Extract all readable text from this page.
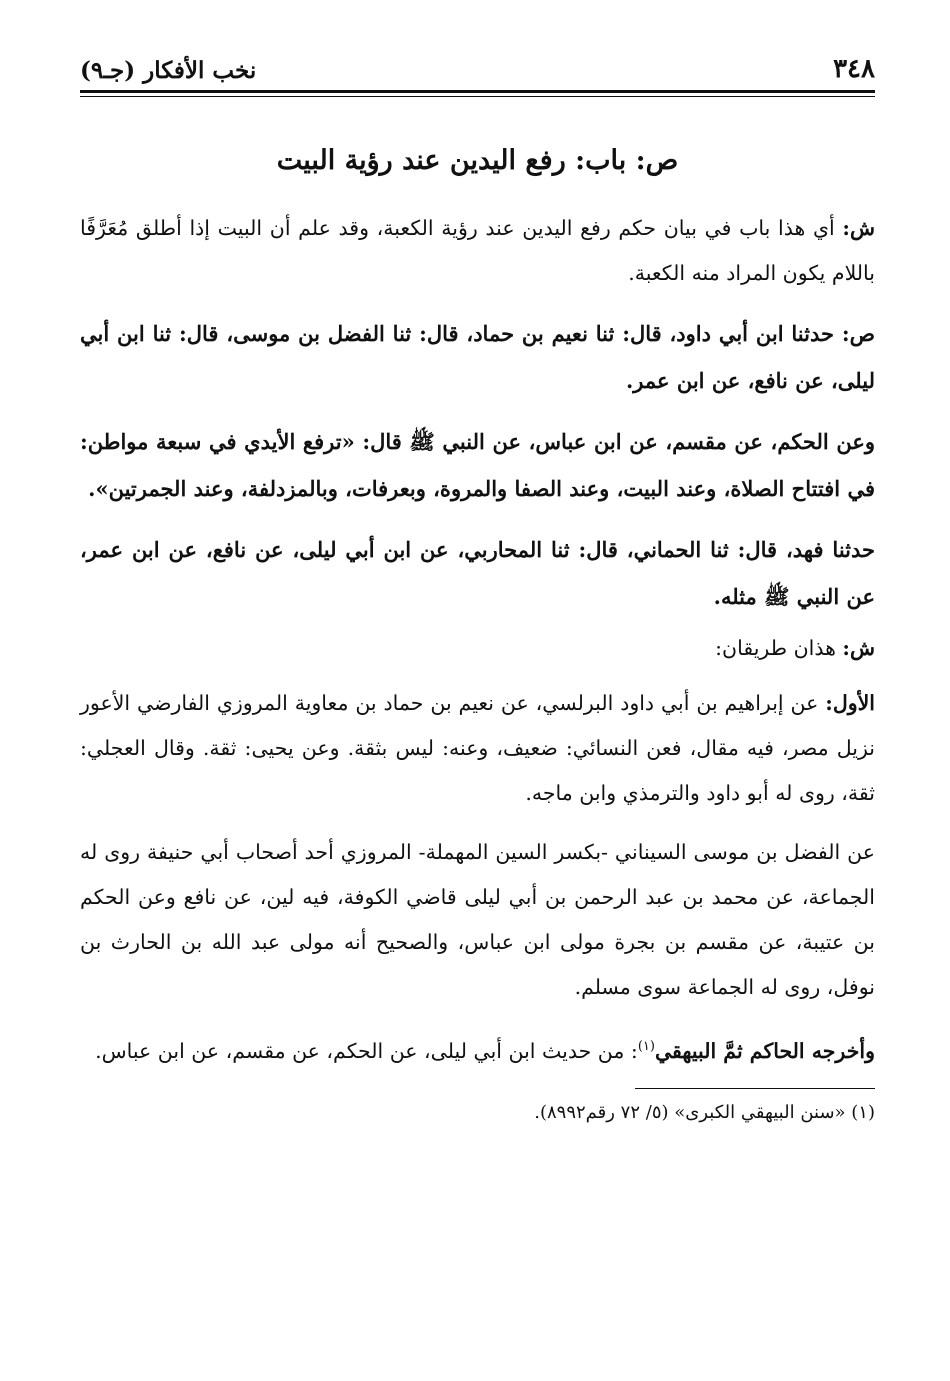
٣٤٨
نخب الأفكار (جـ٩)
ص: باب: رفع اليدين عند رؤية البيت

ش: أي هذا باب في بيان حكم رفع اليدين عند رؤية الكعبة، وقد علم أن البيت إذا أطلق مُعَرَّفًا باللام يكون المراد منه الكعبة.

ص: حدثنا ابن أبي داود، قال: ثنا نعيم بن حماد، قال: ثنا الفضل بن موسى، قال: ثنا ابن أبي ليلى، عن نافع، عن ابن عمر.

وعن الحكم، عن مقسم، عن ابن عباس، عن النبي ﷺ قال: «ترفع الأيدي في سبعة مواطن: في افتتاح الصلاة، وعند البيت، وعند الصفا والمروة، وبعرفات، وبالمزدلفة، وعند الجمرتين».

حدثنا فهد، قال: ثنا الحماني، قال: ثنا المحاربي، عن ابن أبي ليلى، عن نافع، عن ابن عمر، عن النبي ﷺ مثله.

ش: هذان طريقان:

الأول: عن إبراهيم بن أبي داود البرلسي، عن نعيم بن حماد بن معاوية المروزي الفارضي الأعور نزيل مصر، فيه مقال، فعن النسائي: ضعيف، وعنه: ليس بثقة. وعن يحيى: ثقة. وقال العجلي: ثقة، روى له أبو داود والترمذي وابن ماجه.

عن الفضل بن موسى السيناني -بكسر السين المهملة- المروزي أحد أصحاب أبي حنيفة روى له الجماعة، عن محمد بن عبد الرحمن بن أبي ليلى قاضي الكوفة، فيه لين، عن نافع وعن الحكم بن عتيبة، عن مقسم بن بجرة مولى ابن عباس، والصحيح أنه مولى عبد الله بن الحارث بن نوفل، روى له الجماعة سوى مسلم.

وأخرجه الحاكم ثمَّ البيهقي$^{(١)}$: من حديث ابن أبي ليلى، عن الحكم، عن مقسم، عن ابن عباس.

(١) «سنن البيهقي الكبرى» (٥/ ٧٢ رقم٨٩٩٢).
